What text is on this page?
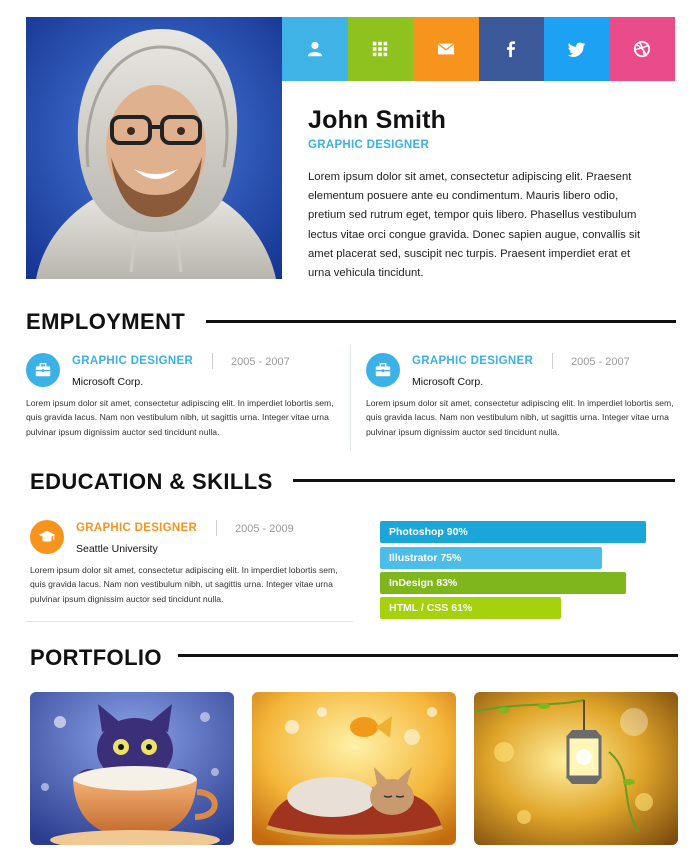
John Smith
GRAPHIC DESIGNER
Lorem ipsum dolor sit amet, consectetur adipiscing elit. Praesent elementum posuere ante eu condimentum. Mauris libero odio, pretium sed rutrum eget, tempor quis libero. Phasellus vestibulum lectus vitae orci congue gravida. Donec sapien augue, convallis sit amet placerat sed, suscipit nec turpis. Praesent imperdiet erat et urna vehicula tincidunt.
EMPLOYMENT
GRAPHIC DESIGNER	2005 - 2007
Microsoft Corp.
Lorem ipsum dolor sit amet, consectetur adipiscing elit. In imperdiet lobortis sem, quis gravida lacus. Nam non vestibulum nibh, ut sagittis urna. Integer vitae urna pulvinar ipsum dignissim auctor sed tincidunt nulla.
GRAPHIC DESIGNER	2005 - 2007
Microsoft Corp.
Lorem ipsum dolor sit amet, consectetur adipiscing elit. In imperdiet lobortis sem, quis gravida lacus. Nam non vestibulum nibh, ut sagittis urna. Integer vitae urna pulvinar ipsum dignissim auctor sed tincidunt nulla.
EDUCATION & SKILLS
GRAPHIC DESIGNER	2005 - 2009
Seattle University
Lorem ipsum dolor sit amet, consectetur adipiscing elit. In imperdiet lobortis sem, quis gravida lacus. Nam non vestibulum nibh, ut sagittis urna. Integer vitae urna pulvinar ipsum dignissim auctor sed tincidunt nulla.
Photoshop 90%
Illustrator 75%
InDesign 83%
HTML / CSS 61%
PORTFOLIO
